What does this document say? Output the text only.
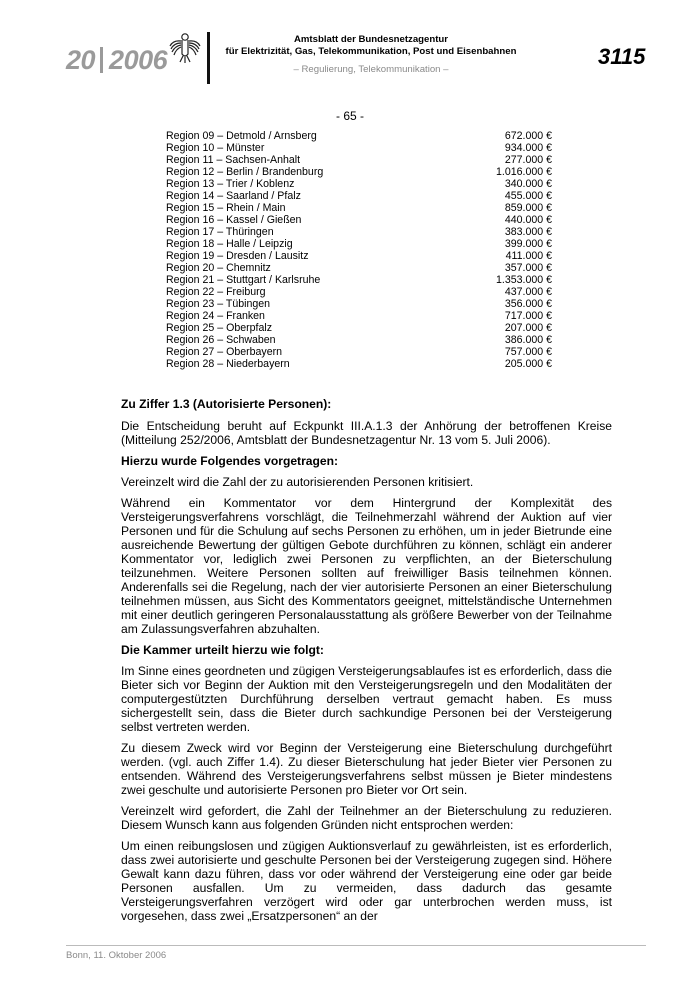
20 2006
Amtsblatt der Bundesnetzagentur
für Elektrizität, Gas, Telekommunikation, Post und Eisenbahnen
– Regulierung, Telekommunikation –
3115
- 65 -
Region 09 – Detmold / Arnsberg	672.000 €
Region 10 – Münster	934.000 €
Region 11 – Sachsen-Anhalt	277.000 €
Region 12 – Berlin / Brandenburg	1.016.000 €
Region 13 – Trier / Koblenz	340.000 €
Region 14 – Saarland / Pfalz	455.000 €
Region 15 – Rhein / Main	859.000 €
Region 16 – Kassel / Gießen	440.000 €
Region 17 – Thüringen	383.000 €
Region 18 – Halle / Leipzig	399.000 €
Region 19 – Dresden / Lausitz	411.000 €
Region 20 – Chemnitz	357.000 €
Region 21 – Stuttgart / Karlsruhe	1.353.000 €
Region 22 – Freiburg	437.000 €
Region 23 – Tübingen	356.000 €
Region 24 – Franken	717.000 €
Region 25 – Oberpfalz	207.000 €
Region 26 – Schwaben	386.000 €
Region 27 – Oberbayern	757.000 €
Region 28 – Niederbayern	205.000 €

Zu Ziffer 1.3 (Autorisierte Personen):

Die Entscheidung beruht auf Eckpunkt III.A.1.3 der Anhörung der betroffenen Kreise (Mitteilung 252/2006, Amtsblatt der Bundesnetzagentur Nr. 13 vom 5. Juli 2006).

Hierzu wurde Folgendes vorgetragen:

Vereinzelt wird die Zahl der zu autorisierenden Personen kritisiert.

Während ein Kommentator vor dem Hintergrund der Komplexität des Versteigerungsverfahrens vorschlägt, die Teilnehmerzahl während der Auktion auf vier Personen und für die Schulung auf sechs Personen zu erhöhen, um in jeder Bietrunde eine ausreichende Bewertung der gültigen Gebote durchführen zu können, schlägt ein anderer Kommentator vor, lediglich zwei Personen zu verpflichten, an der Bieterschulung teilzunehmen. Weitere Personen sollten auf freiwilliger Basis teilnehmen können. Anderenfalls sei die Regelung, nach der vier autorisierte Personen an einer Bieterschulung teilnehmen müssen, aus Sicht des Kommentators geeignet, mittelständische Unternehmen mit einer deutlich geringeren Personalausstattung als größere Bewerber von der Teilnahme am Zulassungsverfahren abzuhalten.

Die Kammer urteilt hierzu wie folgt:

Im Sinne eines geordneten und zügigen Versteigerungsablaufes ist es erforderlich, dass die Bieter sich vor Beginn der Auktion mit den Versteigerungsregeln und den Modalitäten der computergestützten Durchführung derselben vertraut gemacht haben. Es muss sichergestellt sein, dass die Bieter durch sachkundige Personen bei der Versteigerung selbst vertreten werden.

Zu diesem Zweck wird vor Beginn der Versteigerung eine Bieterschulung durchgeführt werden. (vgl. auch Ziffer 1.4). Zu dieser Bieterschulung hat jeder Bieter vier Personen zu entsenden. Während des Versteigerungsverfahrens selbst müssen je Bieter mindestens zwei geschulte und autorisierte Personen pro Bieter vor Ort sein.

Vereinzelt wird gefordert, die Zahl der Teilnehmer an der Bieterschulung zu reduzieren. Diesem Wunsch kann aus folgenden Gründen nicht entsprochen werden:

Um einen reibungslosen und zügigen Auktionsverlauf zu gewährleisten, ist es erforderlich, dass zwei autorisierte und geschulte Personen bei der Versteigerung zugegen sind. Höhere Gewalt kann dazu führen, dass vor oder während der Versteigerung eine oder gar beide Personen ausfallen. Um zu vermeiden, dass dadurch das gesamte Versteigerungsverfahren verzögert wird oder gar unterbrochen werden muss, ist vorgesehen, dass zwei „Ersatzpersonen“ an der

Bonn, 11. Oktober 2006
